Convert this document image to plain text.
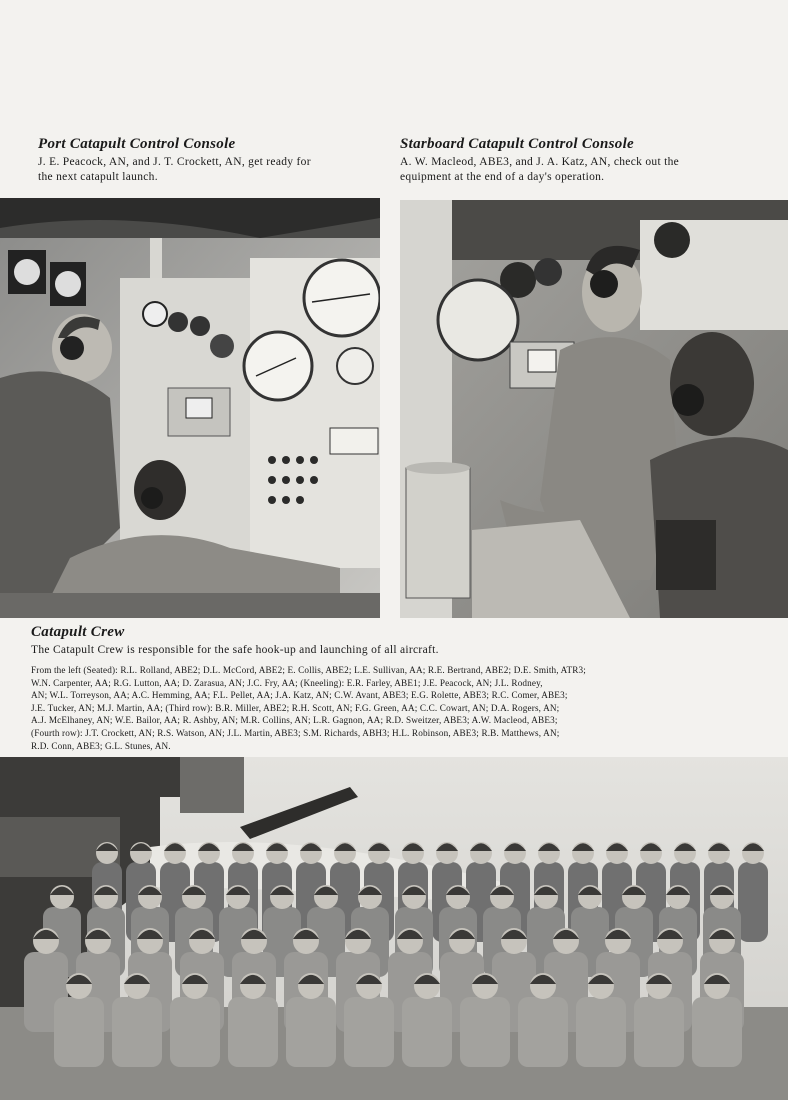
Port Catapult Control Console
J. E. Peacock, AN, and J. T. Crockett, AN, get ready for
the next catapult launch.
Starboard Catapult Control Console
A. W. Macleod, ABE3, and J. A. Katz, AN, check out the
equipment at the end of a day's operation.
Catapult Crew
The Catapult Crew is responsible for the safe hook-up and launching of all aircraft.
From the left (Seated): R.L. Rolland, ABE2; D.L. McCord, ABE2; E. Collis, ABE2; L.E. Sullivan, AA; R.E. Bertrand, ABE2; D.E. Smith, ATR3;
W.N. Carpenter, AA; R.G. Lutton, AA; D. Zarasua, AN; J.C. Fry, AA; (Kneeling): E.R. Farley, ABE1; J.E. Peacock, AN; J.L. Rodney,
AN; W.L. Torreyson, AA; A.C. Hemming, AA; F.L. Pellet, AA; J.A. Katz, AN; C.W. Avant, ABE3; E.G. Rolette, ABE3; R.C. Comer, ABE3;
J.E. Tucker, AN; M.J. Martin, AA; (Third row): B.R. Miller, ABE2; R.H. Scott, AN; F.G. Green, AA; C.C. Cowart, AN; D.A. Rogers, AN;
A.J. McElhaney, AN; W.E. Bailor, AA; R. Ashby, AN; M.R. Collins, AN; L.R. Gagnon, AA; R.D. Sweitzer, ABE3; A.W. Macleod, ABE3;
(Fourth row): J.T. Crockett, AN; R.S. Watson, AN; J.L. Martin, ABE3; S.M. Richards, ABH3; H.L. Robinson, ABE3; R.B. Matthews, AN;
R.D. Conn, ABE3; G.L. Stunes, AN.
